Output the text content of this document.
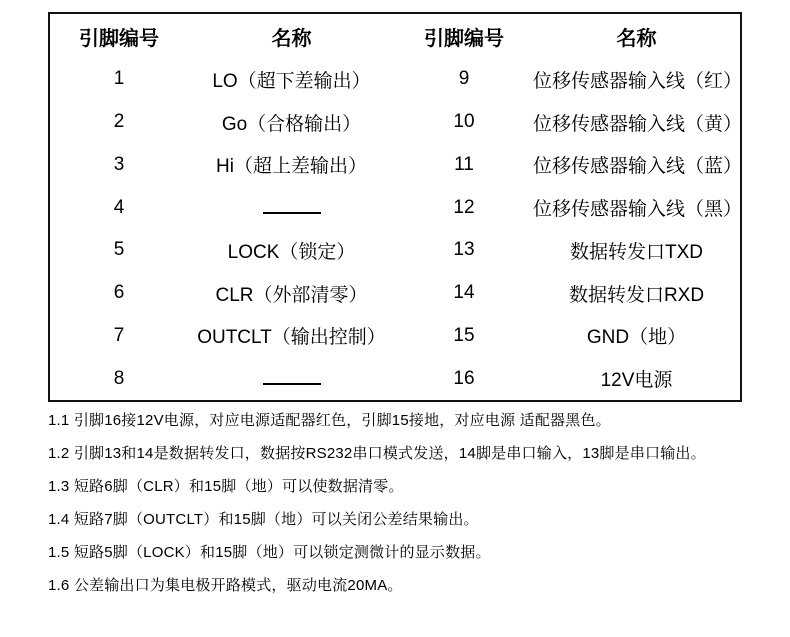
引脚编号	名称	引脚编号	名称
1	LO（超下差输出）	9	位移传感器输入线（红）
2	Go（合格输出）	10	位移传感器输入线（黄）
3	Hi（超上差输出）	11	位移传感器输入线（蓝）
4		12	位移传感器输入线（黑）
5	LOCK（锁定）	13	数据转发口TXD
6	CLR（外部清零）	14	数据转发口RXD
7	OUTCLT（输出控制）	15	GND（地）
8		16	12V电源

1.1 引脚16接12V电源，对应电源适配器红色，引脚15接地，对应电源 适配器黑色。

1.2 引脚13和14是数据转发口，数据按RS232串口模式发送，14脚是串口输入，13脚是串口输出。

1.3 短路6脚（CLR）和15脚（地）可以使数据清零。

1.4 短路7脚（OUTCLT）和15脚（地）可以关闭公差结果输出。

1.5 短路5脚（LOCK）和15脚（地）可以锁定测微计的显示数据。

1.6 公差输出口为集电极开路模式，驱动电流20MA。
